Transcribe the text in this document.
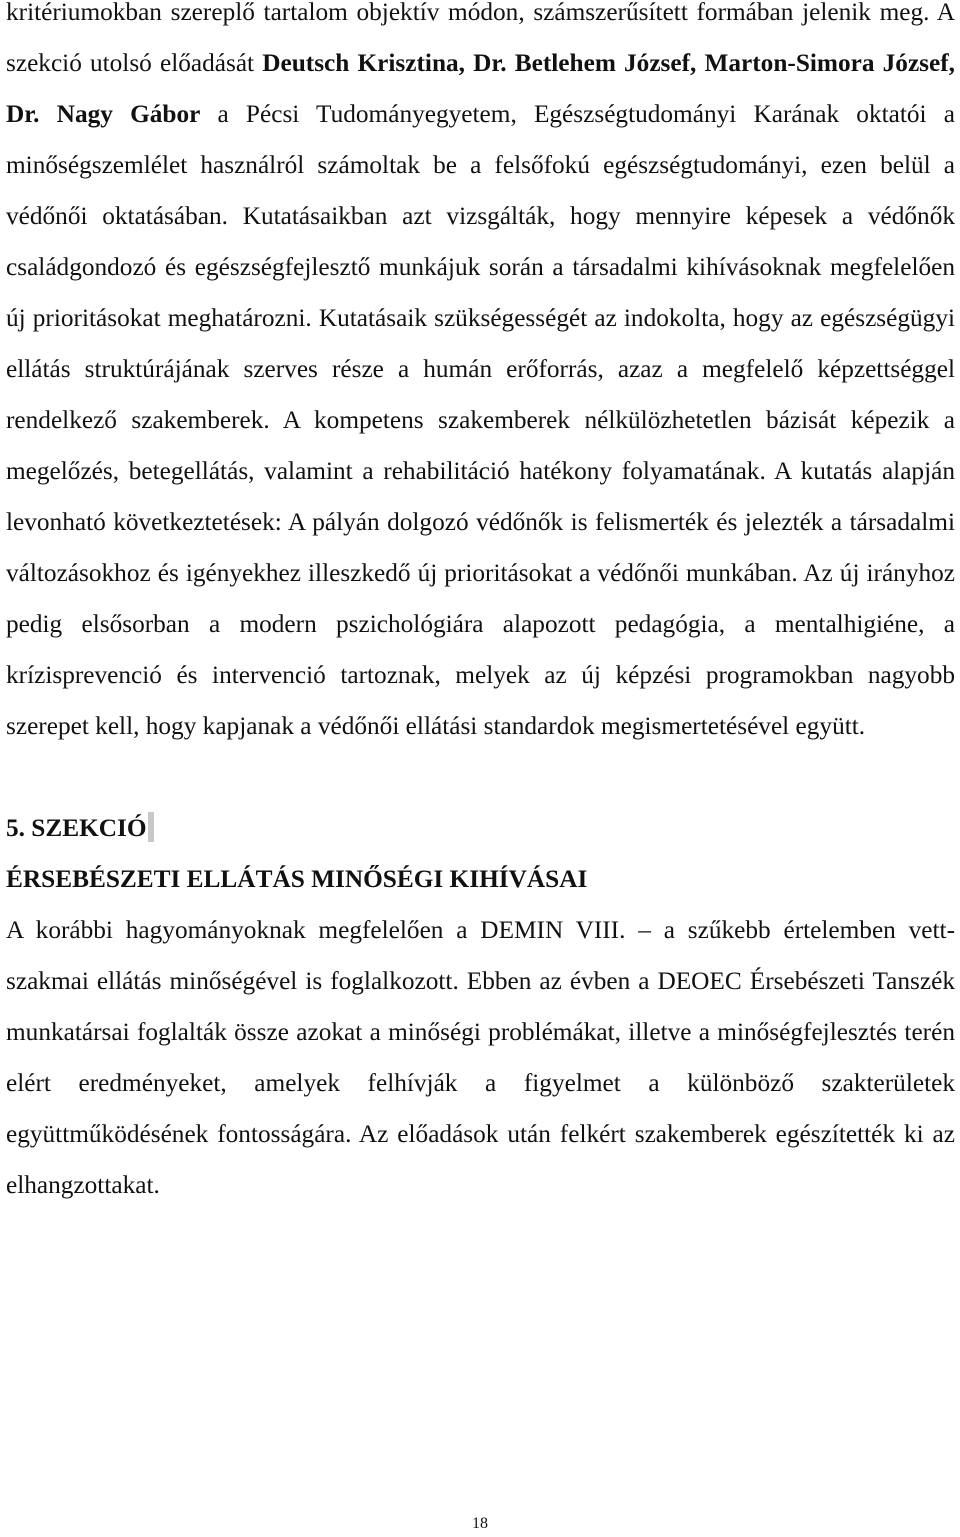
kritériumokban szereplő tartalom objektív módon, számszerűsített formában jelenik meg. A szekció utolsó előadását Deutsch Krisztina, Dr. Betlehem József, Marton-Simora József, Dr. Nagy Gábor a Pécsi Tudományegyetem, Egészségtudományi Karának oktatói a minőségszemlélet használról számoltak be a felsőfokú egészségtudományi, ezen belül a védőnői oktatásában. Kutatásaikban azt vizsgálták, hogy mennyire képesek a védőnők családgondozó és egészségfejlesztő munkájuk során a társadalmi kihívásoknak megfelelően új prioritásokat meghatározni. Kutatásaik szükségességét az indokolta, hogy az egészségügyi ellátás struktúrájának szerves része a humán erőforrás, azaz a megfelelő képzettséggel rendelkező szakemberek. A kompetens szakemberek nélkülözhetetlen bázisát képezik a megelőzés, betegellátás, valamint a rehabilitáció hatékony folyamatának. A kutatás alapján levonható következtetések: A pályán dolgozó védőnők is felismerték és jelezték a társadalmi változásokhoz és igényekhez illeszkedő új prioritásokat a védőnői munkában. Az új irányhoz pedig elsősorban a modern pszichológiára alapozott pedagógia, a mentalhigiéne, a krízisprevenció és intervenció tartoznak, melyek az új képzési programokban nagyobb szerepet kell, hogy kapjanak a védőnői ellátási standardok megismertetésével együtt.

5. SZEKCIÓ
ÉRSEBÉSZETI ELLÁTÁS MINŐSÉGI KIHÍVÁSAI

A korábbi hagyományoknak megfelelően a DEMIN VIII. – a szűkebb értelemben vett- szakmai ellátás minőségével is foglalkozott. Ebben az évben a DEOEC Érsebészeti Tanszék munkatársai foglalták össze azokat a minőségi problémákat, illetve a minőségfejlesztés terén elért eredményeket, amelyek felhívják a figyelmet a különböző szakterületek együttműködésének fontosságára. Az előadások után felkért szakemberek egészítették ki az elhangzottakat.

18
